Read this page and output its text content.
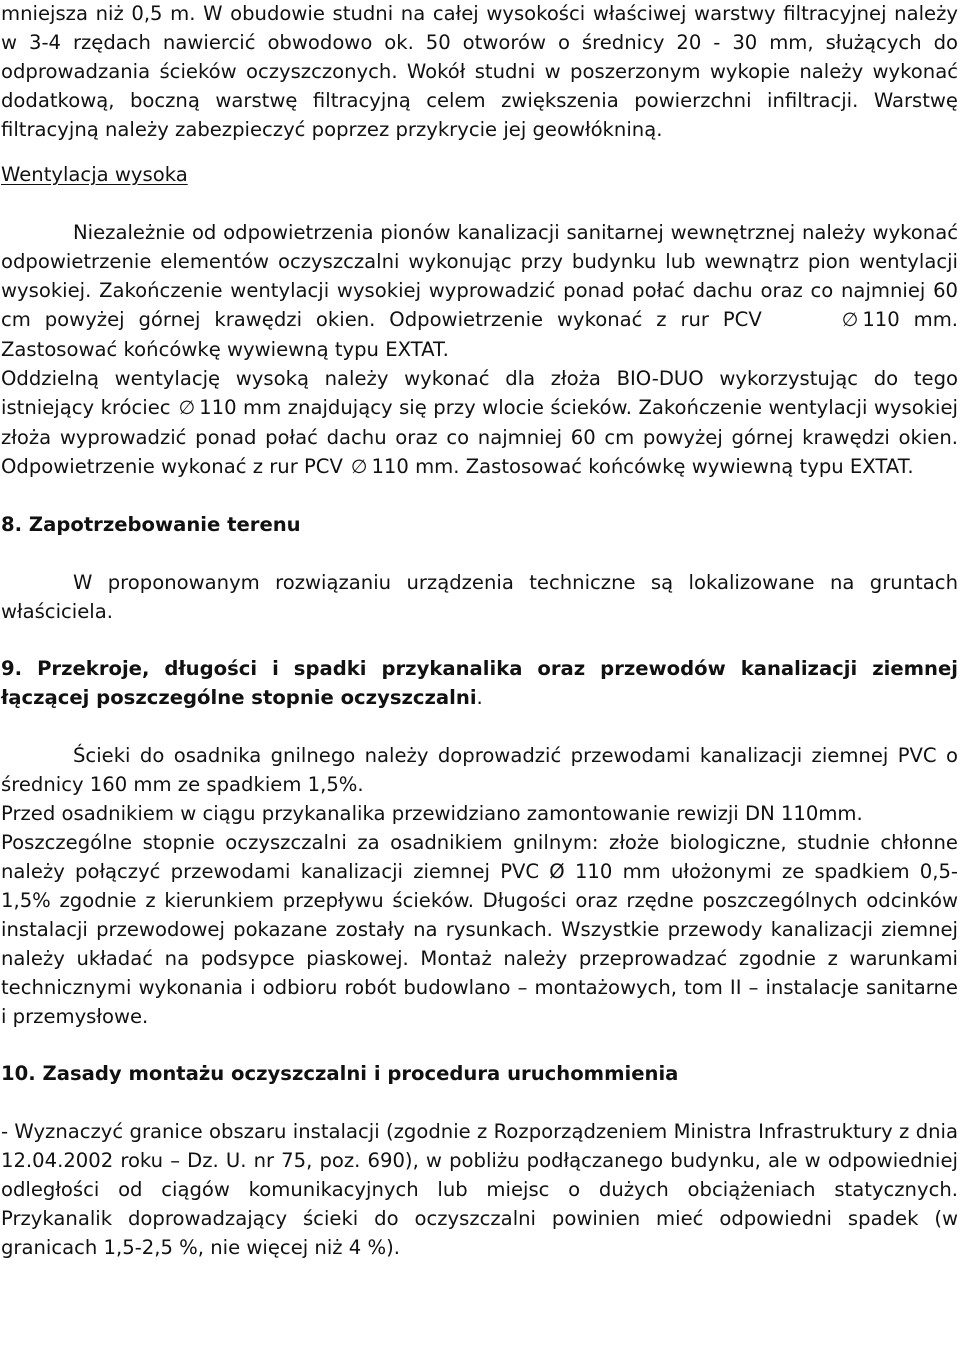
mniejsza niż 0,5 m. W obudowie studni na całej wysokości właściwej warstwy filtracyjnej należy w 3-4 rzędach nawiercić obwodowo ok. 50 otworów o średnicy 20 - 30 mm, służących do odprowadzania ścieków oczyszczonych. Wokół studni w poszerzonym wykopie należy wykonać dodatkową, boczną warstwę filtracyjną celem zwiększenia powierzchni infiltracji. Warstwę filtracyjną należy zabezpieczyć poprzez przykrycie jej geowłókniną.

Wentylacja wysoka

Niezależnie od odpowietrzenia pionów kanalizacji sanitarnej wewnętrznej należy wykonać odpowietrzenie elementów oczyszczalni wykonując przy budynku lub wewnątrz pion wentylacji wysokiej. Zakończenie wentylacji wysokiej wyprowadzić ponad połać dachu oraz co najmniej 60 cm powyżej górnej krawędzi okien. Odpowietrzenie wykonać z rur PCV	∅ 110 mm. Zastosować końcówkę wywiewną typu EXTAT.

Oddzielną wentylację wysoką należy wykonać dla złoża BIO-DUO wykorzystując do tego istniejący króciec ∅ 110 mm znajdujący się przy wlocie ścieków. Zakończenie wentylacji wysokiej złoża wyprowadzić ponad połać dachu oraz co najmniej 60 cm powyżej górnej krawędzi okien. Odpowietrzenie wykonać z rur PCV ∅ 110 mm. Zastosować końcówkę wywiewną typu EXTAT.

8. Zapotrzebowanie terenu

W proponowanym rozwiązaniu urządzenia techniczne są lokalizowane na gruntach właściciela.

9. Przekroje, długości i spadki przykanalika oraz przewodów kanalizacji ziemnej łączącej poszczególne stopnie oczyszczalni.

Ścieki do osadnika gnilnego należy doprowadzić przewodami kanalizacji ziemnej PVC o średnicy 160 mm ze spadkiem 1,5%.

Przed osadnikiem w ciągu przykanalika przewidziano zamontowanie rewizji DN 110mm.

Poszczególne stopnie oczyszczalni za osadnikiem gnilnym: złoże biologiczne, studnie chłonne należy połączyć przewodami kanalizacji ziemnej PVC Ø 110 mm ułożonymi ze spadkiem 0,5-1,5% zgodnie z kierunkiem przepływu ścieków. Długości oraz rzędne poszczególnych odcinków instalacji przewodowej pokazane zostały na rysunkach. Wszystkie przewody kanalizacji ziemnej należy układać na podsypce piaskowej. Montaż należy przeprowadzać zgodnie z warunkami technicznymi wykonania i odbioru robót budowlano – montażowych, tom II – instalacje sanitarne i przemysłowe.

10. Zasady montażu oczyszczalni i procedura uruchommienia

- Wyznaczyć granice obszaru instalacji (zgodnie z Rozporządzeniem Ministra Infrastruktury z dnia 12.04.2002 roku – Dz. U. nr 75, poz. 690), w pobliżu podłączanego budynku, ale w odpowiedniej odległości od ciągów komunikacyjnych lub miejsc o dużych obciążeniach statycznych. Przykanalik doprowadzający ścieki do oczyszczalni powinien mieć odpowiedni spadek (w granicach 1,5-2,5 %, nie więcej niż 4 %).
